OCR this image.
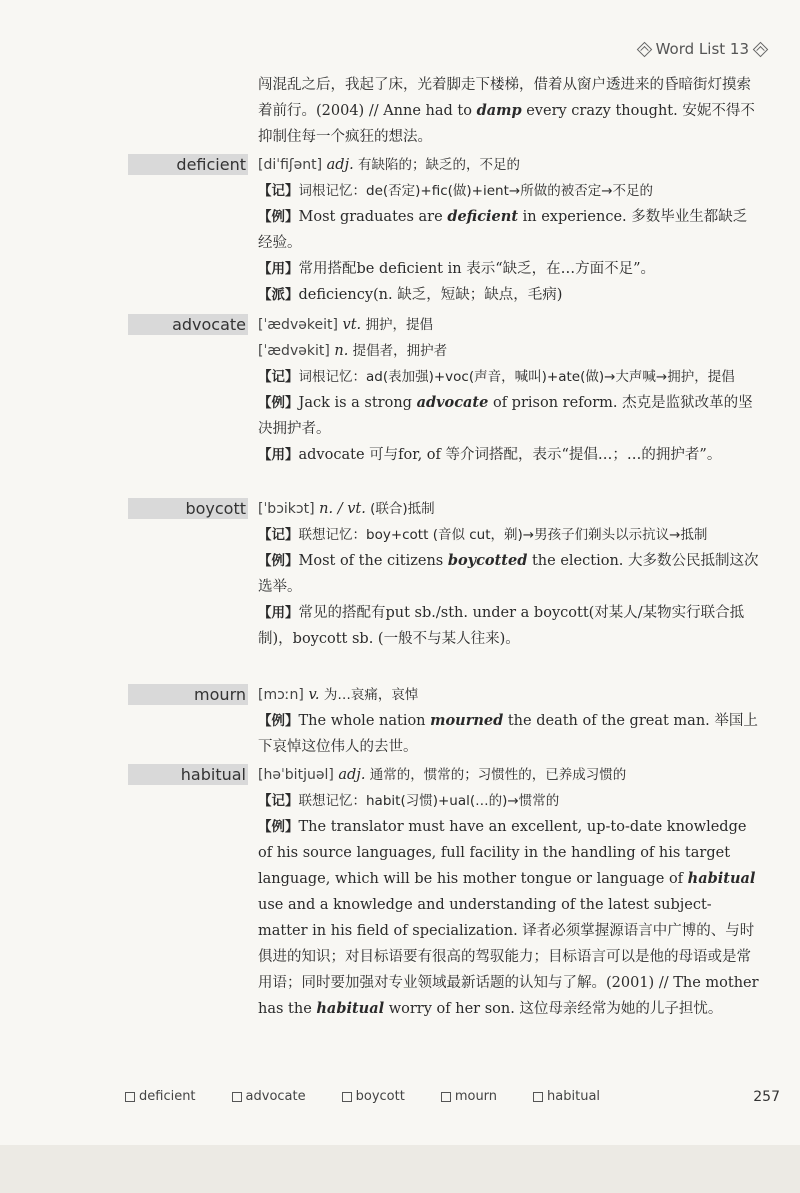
Word List 13
闯混乱之后，我起了床，光着脚走下楼梯，借着从窗户透进来的昏暗街灯摸索着前行。(2004) // Anne had to damp every crazy thought. 安妮不得不抑制住每一个疯狂的想法。
deficient [diˈfiʃənt] adj. 有缺陷的；缺乏的，不足的

【记】词根记忆：de(否定)+fic(做)+ient→所做的被否定→不足的

【例】Most graduates are deficient in experience. 多数毕业生都缺乏经验。

【用】常用搭配be deficient in 表示“缺乏，在…方面不足”。

【派】deficiency(n. 缺乏，短缺；缺点，毛病)

advocate [ˈædvəkeit] vt. 拥护，提倡

[ˈædvəkit] n. 提倡者，拥护者

【记】词根记忆：ad(表加强)+voc(声音，喊叫)+ate(做)→大声喊→拥护，提倡

【例】Jack is a strong advocate of prison reform. 杰克是监狱改革的坚决拥护者。

【用】advocate 可与for, of 等介词搭配，表示“提倡…；…的拥护者”。

boycott [ˈbɔikɔt] n. / vt. (联合)抵制

【记】联想记忆：boy+cott (音似 cut，剃)→男孩子们剃头以示抗议→抵制

【例】Most of the citizens boycotted the election. 大多数公民抵制这次选举。

【用】常见的搭配有put sb./sth. under a boycott(对某人/某物实行联合抵制)，boycott sb. (一般不与某人往来)。

mourn [mɔːn] v. 为…哀痛，哀悼

【例】The whole nation mourned the death of the great man. 举国上下哀悼这位伟人的去世。

habitual [həˈbitjuəl] adj. 通常的，惯常的；习惯性的，已养成习惯的

【记】联想记忆：habit(习惯)+ual(…的)→惯常的

【例】The translator must have an excellent, up-to-date knowledge of his source languages, full facility in the handling of his target language, which will be his mother tongue or language of habitual use and a knowledge and understanding of the latest subject-matter in his field of specialization. 译者必须掌握源语言中广博的、与时俱进的知识；对目标语要有很高的驾驭能力；目标语言可以是他的母语或是常用语；同时要加强对专业领域最新话题的认知与了解。(2001) // The mother has the habitual worry of her son. 这位母亲经常为她的儿子担忧。

deficient	advocate	boycott	mourn	habitual	257
